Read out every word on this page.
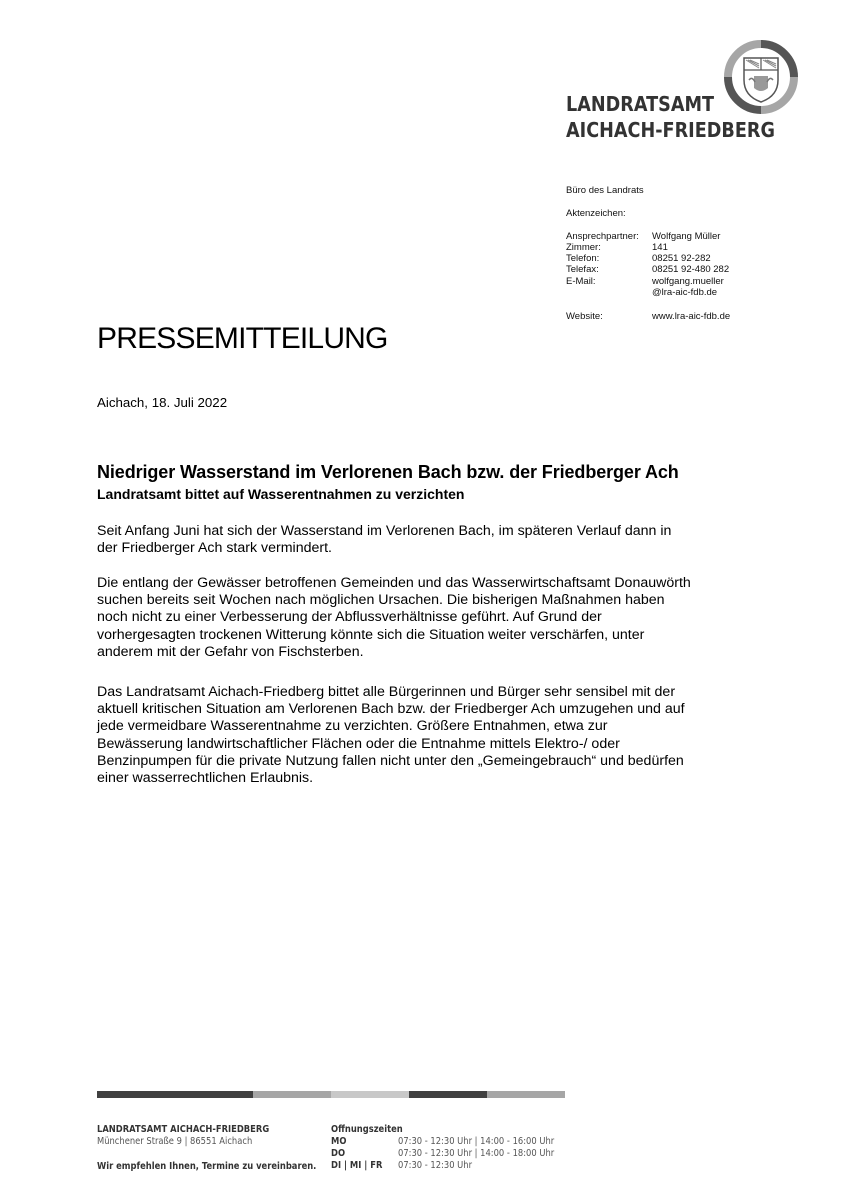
LANDRATSAMT
AICHACH-FRIEDBERG
Büro des Landrats
Aktenzeichen:
Ansprechpartner: Wolfgang Müller
Zimmer:	141
Telefon:	08251 92-282
Telefax:	08251 92-480 282
E-Mail:	wolfgang.mueller
@lra-aic-fdb.de
Website:	www.lra-aic-fdb.de
PRESSEMITTEILUNG
Aichach, 18. Juli 2022
Niedriger Wasserstand im Verlorenen Bach bzw. der Friedberger Ach
Landratsamt bittet auf Wasserentnahmen zu verzichten
Seit Anfang Juni hat sich der Wasserstand im Verlorenen Bach, im späteren Verlauf dann in
der Friedberger Ach stark vermindert.
Die entlang der Gewässer betroffenen Gemeinden und das Wasserwirtschaftsamt Donauwörth
suchen bereits seit Wochen nach möglichen Ursachen. Die bisherigen Maßnahmen haben
noch nicht zu einer Verbesserung der Abflussverhältnisse geführt. Auf Grund der
vorhergesagten trockenen Witterung könnte sich die Situation weiter verschärfen, unter
anderem mit der Gefahr von Fischsterben.
Das Landratsamt Aichach-Friedberg bittet alle Bürgerinnen und Bürger sehr sensibel mit der
aktuell kritischen Situation am Verlorenen Bach bzw. der Friedberger Ach umzugehen und auf
jede vermeidbare Wasserentnahme zu verzichten. Größere Entnahmen, etwa zur
Bewässerung landwirtschaftlicher Flächen oder die Entnahme mittels Elektro-/ oder
Benzinpumpen für die private Nutzung fallen nicht unter den „Gemeingebrauch“ und bedürfen
einer wasserrechtlichen Erlaubnis.
LANDRATSAMT AICHACH-FRIEDBERG
Münchener Straße 9 | 86551 Aichach
Wir empfehlen Ihnen, Termine zu vereinbaren.
Öffnungszeiten
MO	07:30 - 12:30 Uhr | 14:00 - 16:00 Uhr
DO	07:30 - 12:30 Uhr | 14:00 - 18:00 Uhr
DI | MI | FR 07:30 - 12:30 Uhr
